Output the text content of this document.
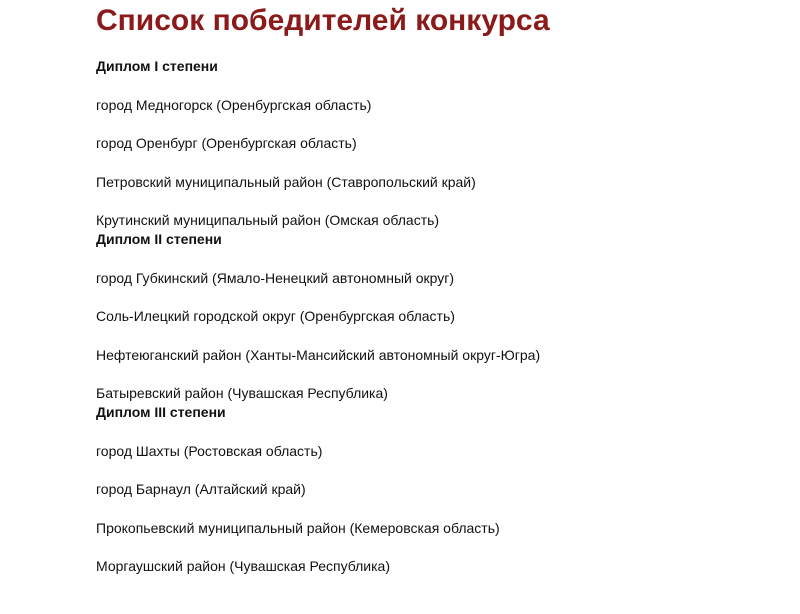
Список победителей конкурса
Диплом I степени
город Медногорск (Оренбургская область)
город Оренбург (Оренбургская область)
Петровский муниципальный район (Ставропольский край)
Крутинский муниципальный район (Омская область)
Диплом II степени
город Губкинский (Ямало-Ненецкий автономный округ)
Соль-Илецкий городской округ (Оренбургская область)
Нефтеюганский район (Ханты-Мансийский автономный округ-Югра)
Батыревский район (Чувашская Республика)
Диплом III степени
город Шахты (Ростовская область)
город Барнаул (Алтайский край)
Прокопьевский муниципальный район (Кемеровская область)
Моргаушский район (Чувашская Республика)
